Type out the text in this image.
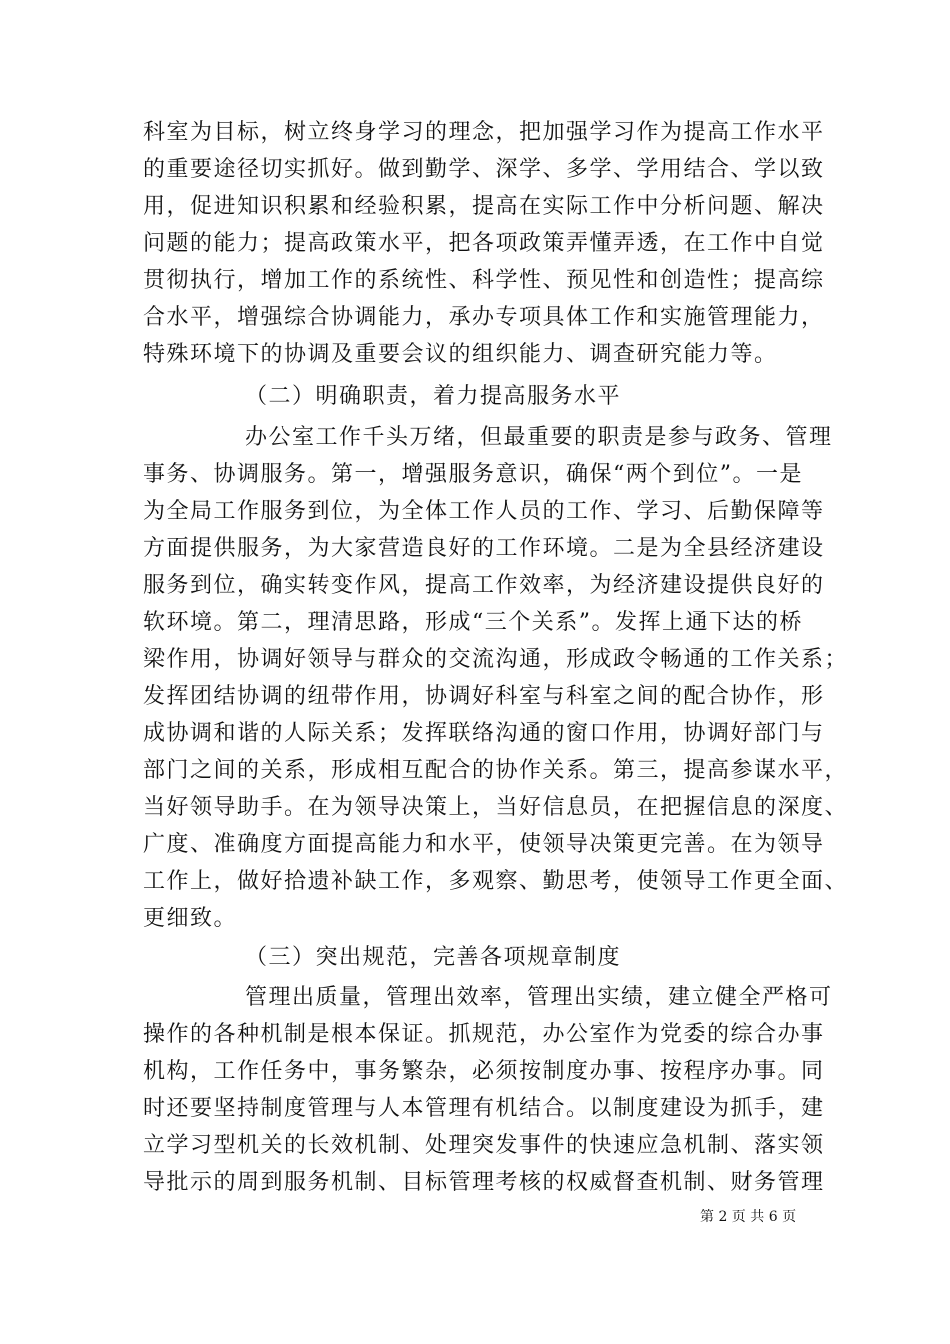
科室为目标，树立终身学习的理念，把加强学习作为提高工作水平
的重要途径切实抓好。做到勤学、深学、多学、学用结合、学以致
用，促进知识积累和经验积累，提高在实际工作中分析问题、解决
问题的能力；提高政策水平，把各项政策弄懂弄透，在工作中自觉
贯彻执行，增加工作的系统性、科学性、预见性和创造性；提高综
合水平，增强综合协调能力，承办专项具体工作和实施管理能力，
特殊环境下的协调及重要会议的组织能力、调查研究能力等。
（二）明确职责，着力提高服务水平
办公室工作千头万绪，但最重要的职责是参与政务、管理
事务、协调服务。第一，增强服务意识，确保“两个到位”。一是
为全局工作服务到位，为全体工作人员的工作、学习、后勤保障等
方面提供服务，为大家营造良好的工作环境。二是为全县经济建设
服务到位，确实转变作风，提高工作效率，为经济建设提供良好的
软环境。第二，理清思路，形成“三个关系”。发挥上通下达的桥
梁作用，协调好领导与群众的交流沟通，形成政令畅通的工作关系；
发挥团结协调的纽带作用，协调好科室与科室之间的配合协作，形
成协调和谐的人际关系；发挥联络沟通的窗口作用，协调好部门与
部门之间的关系，形成相互配合的协作关系。第三，提高参谋水平，
当好领导助手。在为领导决策上，当好信息员，在把握信息的深度、
广度、准确度方面提高能力和水平，使领导决策更完善。在为领导
工作上，做好拾遗补缺工作，多观察、勤思考，使领导工作更全面、
更细致。
（三）突出规范，完善各项规章制度
管理出质量，管理出效率，管理出实绩，建立健全严格可
操作的各种机制是根本保证。抓规范，办公室作为党委的综合办事
机构，工作任务中，事务繁杂，必须按制度办事、按程序办事。同
时还要坚持制度管理与人本管理有机结合。以制度建设为抓手，建
立学习型机关的长效机制、处理突发事件的快速应急机制、落实领
导批示的周到服务机制、目标管理考核的权威督查机制、财务管理
第 2 页 共 6 页
